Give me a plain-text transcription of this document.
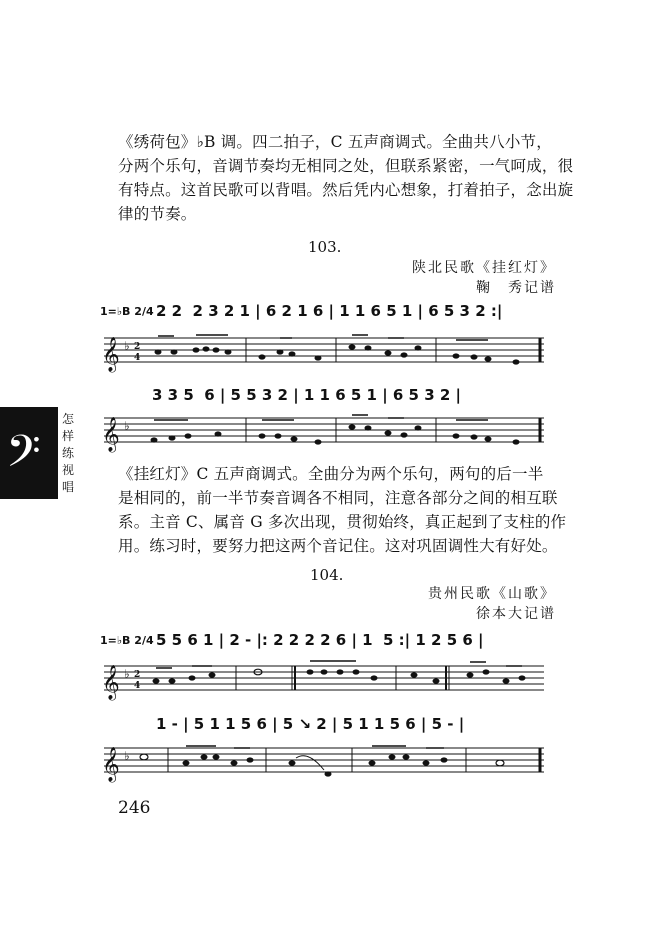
《绣荷包》♭B 调。四二拍子，C 五声商调式。全曲共八小节，
分两个乐句，音调节奏均无相同之处，但联系紧密，一气呵成，很
有特点。这首民歌可以背唱。然后凭内心想象，打着拍子，念出旋
律的节奏。
103.
陕北民歌《挂红灯》
鞠　秀记谱
1=♭B 2/4 2 2  2 3 2 1 | 6 2 1 6 | 1 1 6 5 1 | 6 5 3 2 :|
𝄞 ♭ 2
4
3 3 5  6 | 5 5 3 2 | 1 1 6 5 1 | 6 5 3 2 |
𝄞 ♭
𝄢
怎
样
练
视
唱
《挂红灯》C 五声商调式。全曲分为两个乐句，两句的后一半
是相同的，前一半节奏音调各不相同，注意各部分之间的相互联
系。主音 C、属音 G 多次出现，贯彻始终，真正起到了支柱的作
用。练习时，要努力把这两个音记住。这对巩固调性大有好处。
104.
贵州民歌《山歌》
徐本大记谱
1=♭B 2/4 5 5 6 1 | 2 - |: 2 2 2 2 6 | 1  5 :| 1 2 5 6 |
𝄞 ♭ 2
4
1 - | 5 1 1 5 6 | 5 ↘ 2 | 5 1 1 5 6 | 5 - |
𝄞 ♭
246
